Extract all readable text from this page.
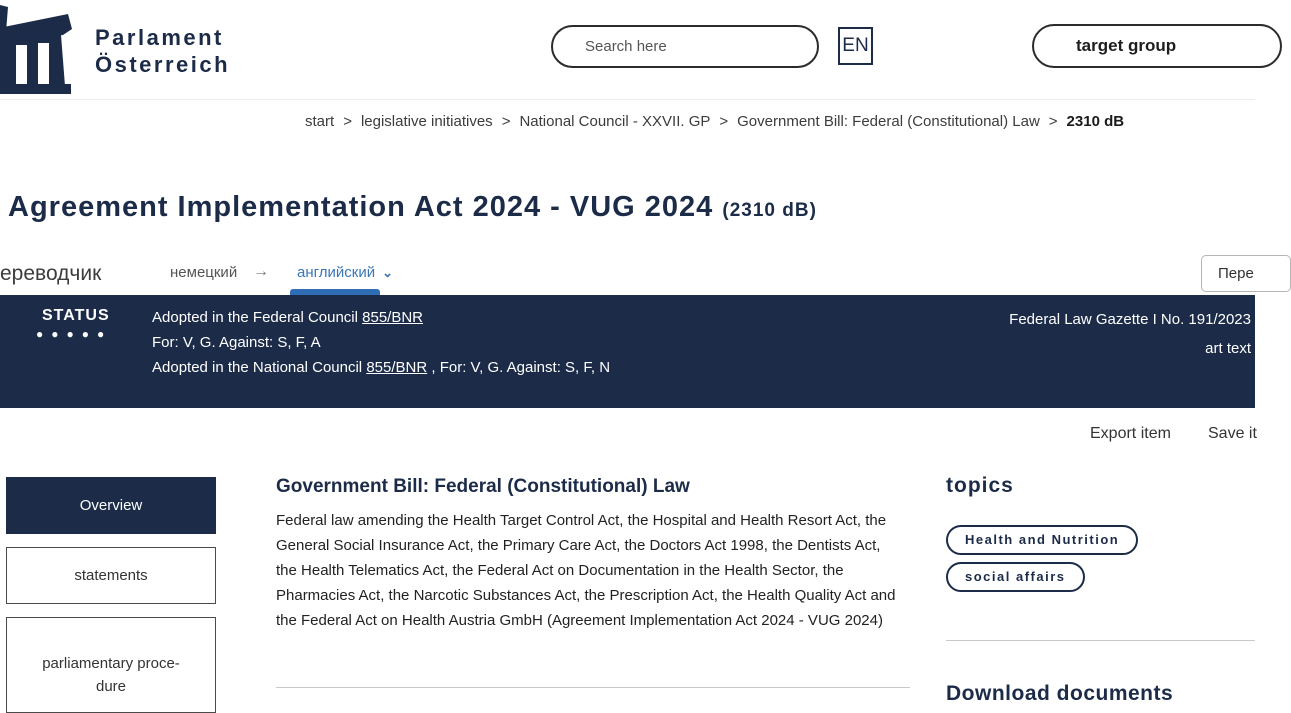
Parlament
Österreich
Search here
EN	target group
start > legislative initiatives > National Council - XXVII. GP > Government Bill: Federal (Constitutional) Law > 2310 dB
Agreement Implementation Act 2024 - VUG 2024 (2310 dB)
ереводчик	немецкий → английский ⌄	Пере
STATUS
●●●●●
Adopted in the Federal Council 855/BNR
For: V, G. Against: S, F, A
Adopted in the National Council 855/BNR , For: V, G. Against: S, F, N
Federal Law Gazette I No. 191/2023
art text
Export item Save it
Overview
statements
parliamentary proce-
dure
Government Bill: Federal (Constitutional) Law

Federal law amending the Health Target Control Act, the Hospital and Health Resort Act, the General Social Insurance Act, the Primary Care Act, the Doctors Act 1998, the Dentists Act, the Health Telematics Act, the Federal Act on Documentation in the Health Sector, the Pharmacies Act, the Narcotic Substances Act, the Prescription Act, the Health Quality Act and the Federal Act on Health Austria GmbH (Agreement Implementation Act 2024 - VUG 2024)

topics
Health and Nutrition
social affairs
Download documents
